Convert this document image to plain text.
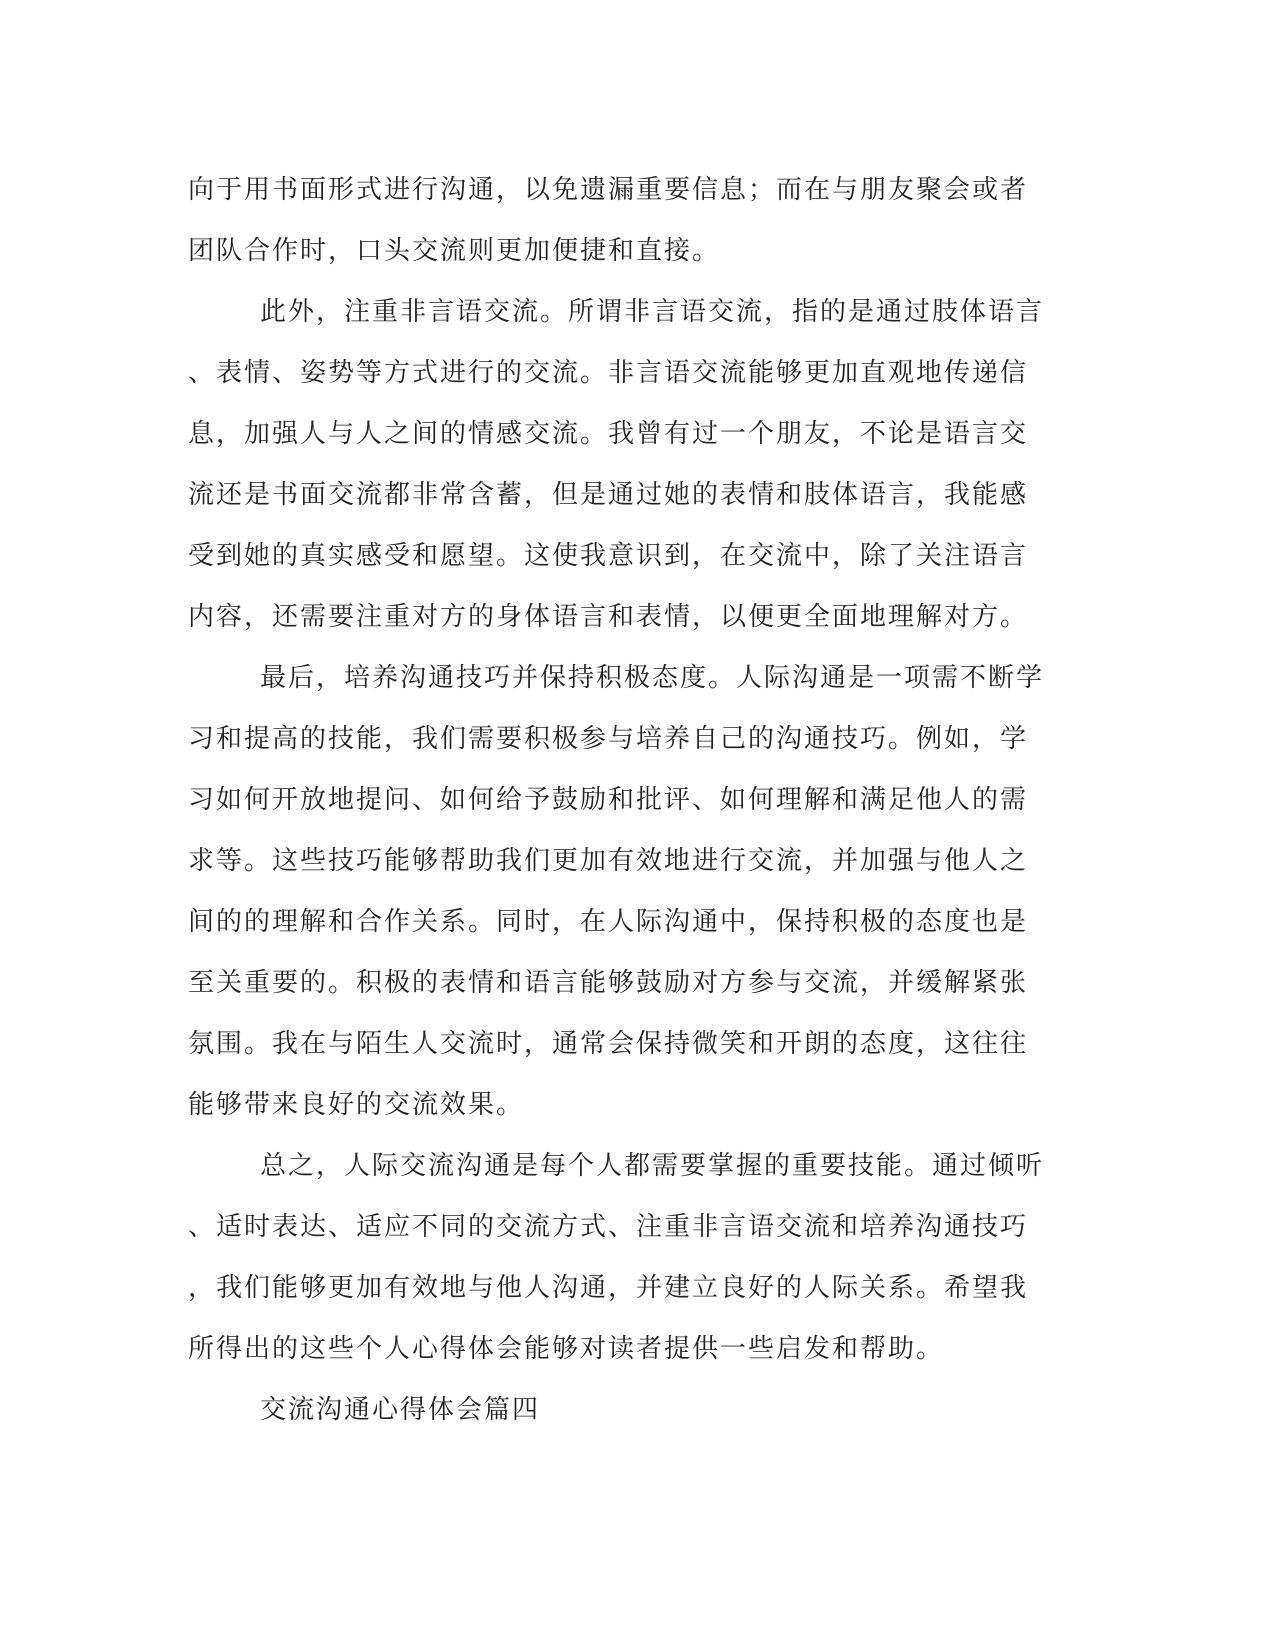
向于用书面形式进行沟通，以免遗漏重要信息；而在与朋友聚会或者
团队合作时，口头交流则更加便捷和直接。
此外，注重非言语交流。所谓非言语交流，指的是通过肢体语言
、表情、姿势等方式进行的交流。非言语交流能够更加直观地传递信
息，加强人与人之间的情感交流。我曾有过一个朋友，不论是语言交
流还是书面交流都非常含蓄，但是通过她的表情和肢体语言，我能感
受到她的真实感受和愿望。这使我意识到，在交流中，除了关注语言
内容，还需要注重对方的身体语言和表情，以便更全面地理解对方。
最后，培养沟通技巧并保持积极态度。人际沟通是一项需不断学
习和提高的技能，我们需要积极参与培养自己的沟通技巧。例如，学
习如何开放地提问、如何给予鼓励和批评、如何理解和满足他人的需
求等。这些技巧能够帮助我们更加有效地进行交流，并加强与他人之
间的的理解和合作关系。同时，在人际沟通中，保持积极的态度也是
至关重要的。积极的表情和语言能够鼓励对方参与交流，并缓解紧张
氛围。我在与陌生人交流时，通常会保持微笑和开朗的态度，这往往
能够带来良好的交流效果。
总之，人际交流沟通是每个人都需要掌握的重要技能。通过倾听
、适时表达、适应不同的交流方式、注重非言语交流和培养沟通技巧
，我们能够更加有效地与他人沟通，并建立良好的人际关系。希望我
所得出的这些个人心得体会能够对读者提供一些启发和帮助。
交流沟通心得体会篇四
